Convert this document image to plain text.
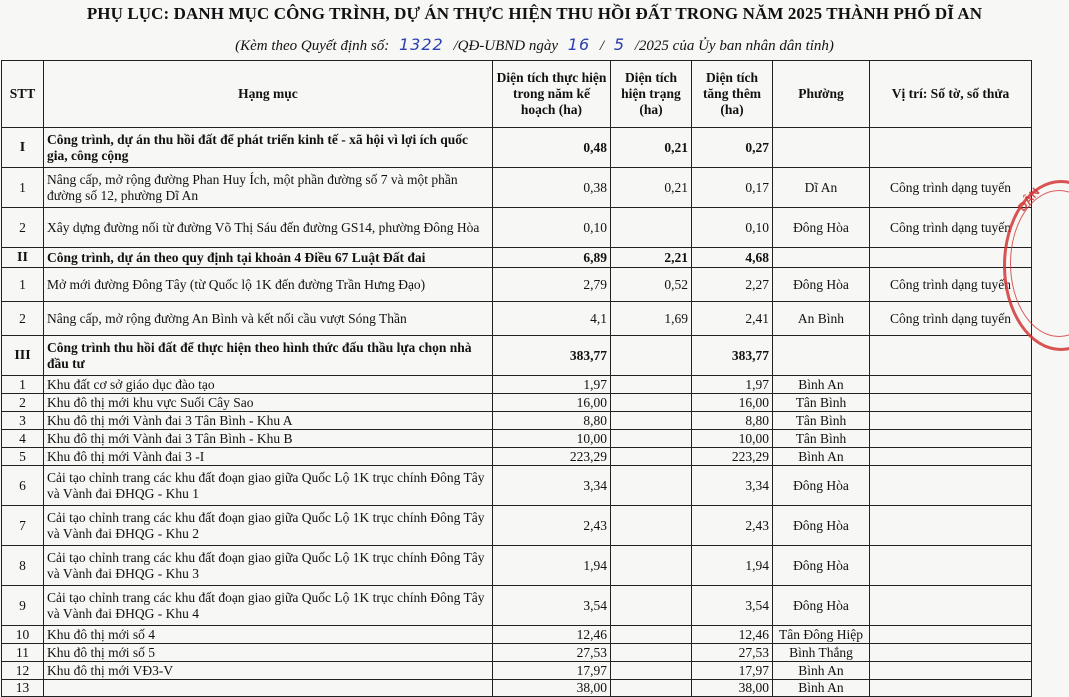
PHỤ LỤC: DANH MỤC CÔNG TRÌNH, DỰ ÁN THỰC HIỆN THU HỒI ĐẤT TRONG NĂM 2025 THÀNH PHỐ DĨ AN
(Kèm theo Quyết định số: 1322 /QĐ-UBND ngày 16 / 5 /2025 của Ủy ban nhân dân tỉnh)
STT	Hạng mục	Diện tích thực hiện trong năm kế hoạch (ha)	Diện tích hiện trạng (ha)	Diện tích tăng thêm (ha)	Phường	Vị trí: Số tờ, số thửa
I	Công trình, dự án thu hồi đất để phát triển kinh tế - xã hội vì lợi ích quốc gia, công cộng	0,48	0,21	0,27		
1	Nâng cấp, mở rộng đường Phan Huy Ích, một phần đường số 7 và một phần đường số 12, phường Dĩ An	0,38	0,21	0,17	Dĩ An	Công trình dạng tuyến
2	Xây dựng đường nối từ đường Võ Thị Sáu đến đường GS14, phường Đông Hòa	0,10		0,10	Đông Hòa	Công trình dạng tuyến
II	Công trình, dự án theo quy định tại khoản 4 Điều 67 Luật Đất đai	6,89	2,21	4,68		
1	Mở mới đường Đông Tây (từ Quốc lộ 1K đến đường Trần Hưng Đạo)	2,79	0,52	2,27	Đông Hòa	Công trình dạng tuyến
2	Nâng cấp, mở rộng đường An Bình và kết nối cầu vượt Sóng Thần	4,1	1,69	2,41	An Bình	Công trình dạng tuyến
III	Công trình thu hồi đất để thực hiện theo hình thức đấu thầu lựa chọn nhà đầu tư	383,77		383,77		
1	Khu đất cơ sở giáo dục đào tạo	1,97		1,97	Bình An	
2	Khu đô thị mới khu vực Suối Cây Sao	16,00		16,00	Tân Bình	
3	Khu đô thị mới Vành đai 3 Tân Bình - Khu A	8,80		8,80	Tân Bình	
4	Khu đô thị mới Vành đai 3 Tân Bình - Khu B	10,00		10,00	Tân Bình	
5	Khu đô thị mới Vành đai 3 -I	223,29		223,29	Bình An	
6	Cải tạo chỉnh trang các khu đất đoạn giao giữa Quốc Lộ 1K trục chính Đông Tây và Vành đai ĐHQG - Khu 1	3,34		3,34	Đông Hòa	
7	Cải tạo chỉnh trang các khu đất đoạn giao giữa Quốc Lộ 1K trục chính Đông Tây và Vành đai ĐHQG - Khu 2	2,43		2,43	Đông Hòa	
8	Cải tạo chỉnh trang các khu đất đoạn giao giữa Quốc Lộ 1K trục chính Đông Tây và Vành đai ĐHQG - Khu 3	1,94		1,94	Đông Hòa	
9	Cải tạo chỉnh trang các khu đất đoạn giao giữa Quốc Lộ 1K trục chính Đông Tây và Vành đai ĐHQG - Khu 4	3,54		3,54	Đông Hòa	
10	Khu đô thị mới số 4	12,46		12,46	Tân Đông Hiệp	
11	Khu đô thị mới số 5	27,53		27,53	Bình Thắng	
12	Khu đô thị mới VĐ3-V	17,97		17,97	Bình An	
13		38,00		38,00	Bình An	
DÂN
